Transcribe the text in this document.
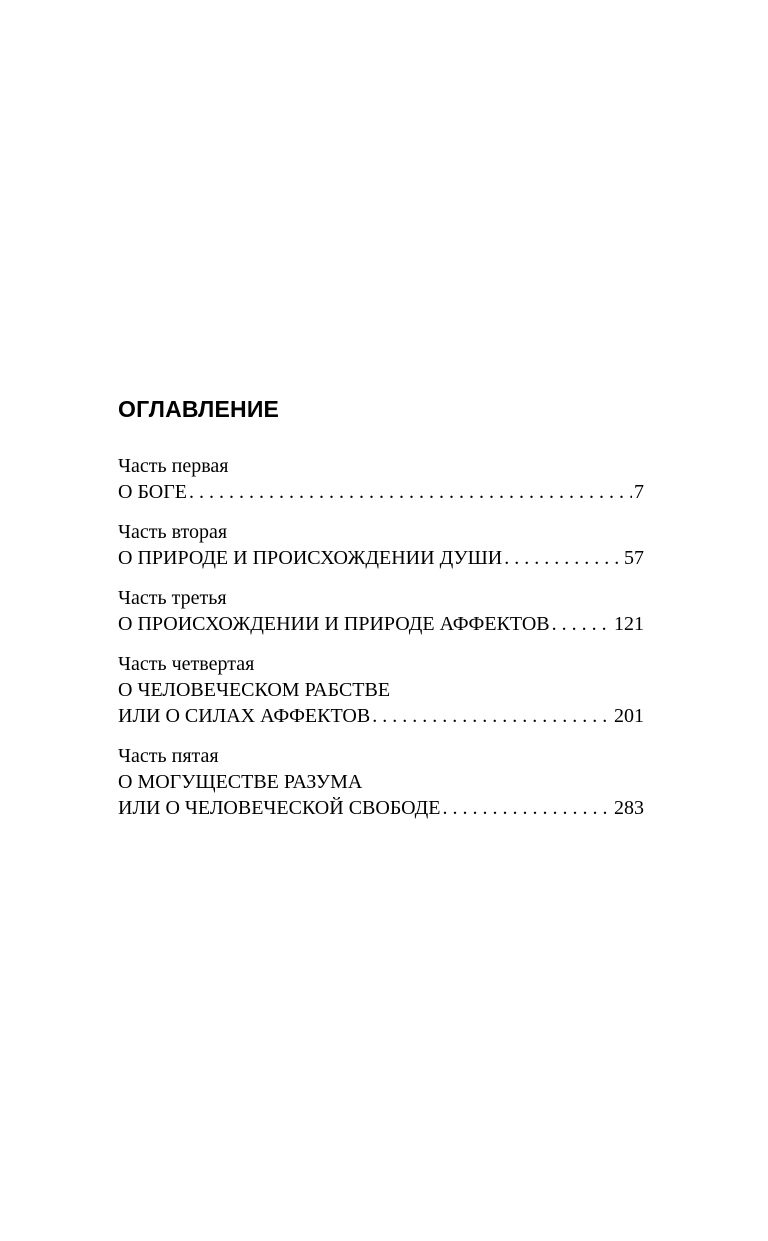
ОГЛАВЛЕНИЕ
Часть первая
О БОГЕ . . .	7
Часть вторая
О ПРИРОДЕ И ПРОИСХОЖДЕНИИ ДУШИ . . .	57
Часть третья
О ПРОИСХОЖДЕНИИ И ПРИРОДЕ АФФЕКТОВ . . .	121
Часть четвертая
О ЧЕЛОВЕЧЕСКОМ РАБСТВЕ
ИЛИ О СИЛАХ АФФЕКТОВ . . .	201
Часть пятая
О МОГУЩЕСТВЕ РАЗУМА
ИЛИ О ЧЕЛОВЕЧЕСКОЙ СВОБОДЕ . . .	283
